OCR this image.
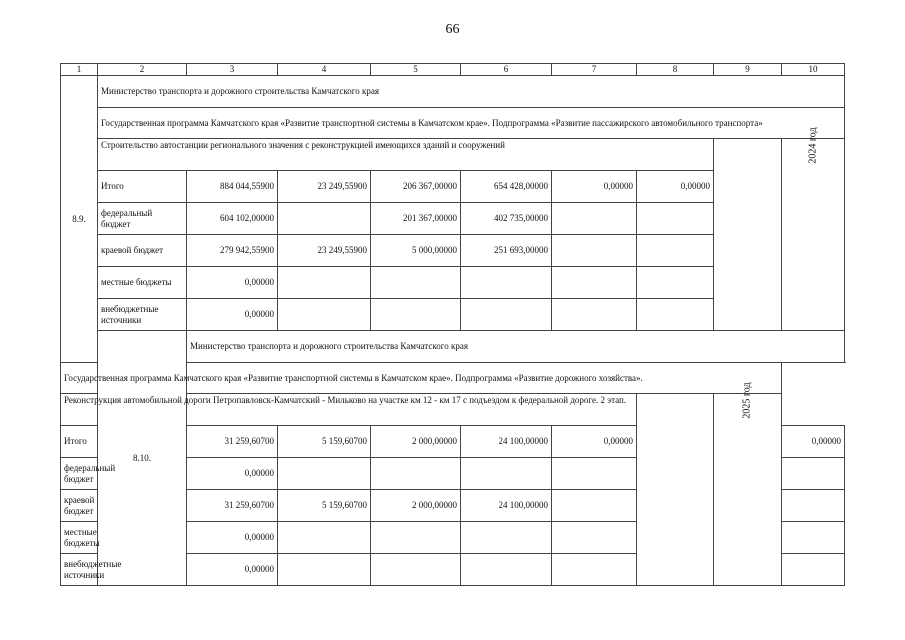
66
1	2	3	4	5	6	7	8	9	10
8.9.	Министерство транспорта и дорожного строительства Камчатского края								
	Государственная программа Камчатского края «Развитие транспортной системы в Камчатском крае». Подпрограмма «Развитие пассажирского автомобильного транспорта»								
	Строительство автостанции регионального значения с реконструкцией имеющихся зданий и сооружений								2024 год
	Итого	884 044,55900	23 249,55900	206 367,00000	654 428,00000	0,00000	0,00000		
	федеральный бюджет	604 102,00000		201 367,00000	402 735,00000				
	краевой бюджет	279 942,55900	23 249,55900	5 000,00000	251 693,00000				
	местные бюджеты	0,00000							
	внебюджетные источники	0,00000							
	8.10.	Министерство транспорта и дорожного строительства Камчатского края							
Государственная программа Камчатского края «Развитие транспортной системы в Камчатском крае». Подпрограмма «Развитие дорожного хозяйства».									
Реконструкция автомобильной дороги Петропавловск-Камчатский - Мильково на участке км 12 - км 17 с подъездом к федеральной дороге. 2 этап.								2025 год	
Итого		31 259,60700	5 159,60700	2 000,00000	24 100,00000	0,00000			0,00000
федеральный бюджет		0,00000							
краевой бюджет		31 259,60700	5 159,60700	2 000,00000	24 100,00000				
местные бюджеты		0,00000							
внебюджетные источники		0,00000							
